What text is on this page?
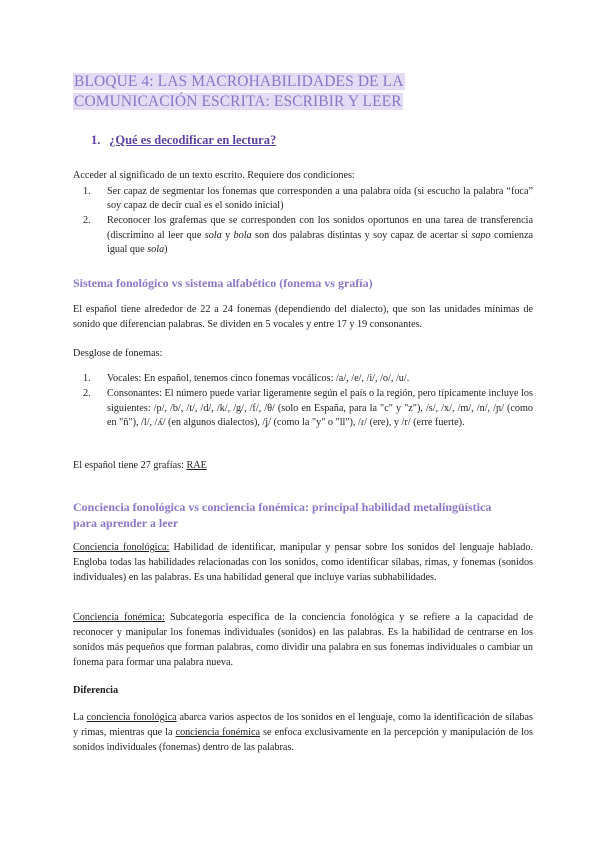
BLOQUE 4: LAS MACROHABILIDADES DE LA
COMUNICACIÓN ESCRITA: ESCRIBIR Y LEER
1. ¿Qué es decodificar en lectura?
Acceder al significado de un texto escrito. Requiere dos condiciones:
1. Ser capaz de segmentar los fonemas que corresponden a una palabra oída (si escucho la palabra “foca” soy capaz de decir cual es el sonido inicial)
2. Reconocer los grafemas que se corresponden con los sonidos oportunos en una tarea de transferencia (discrimino al leer que sola y bola son dos palabras distintas y soy capaz de acertar si sapo comienza igual que sola)
Sistema fonológico vs sistema alfabético (fonema vs grafía)
El español tiene alrededor de 22 a 24 fonemas (dependiendo del dialecto), que son las unidades mínimas de sonido que diferencian palabras. Se dividen en 5 vocales y entre 17 y 19 consonantes.
Desglose de fonemas:
1. Vocales: En español, tenemos cinco fonemas vocálicos: /a/, /e/, /i/, /o/, /u/.
2. Consonantes: El número puede variar ligeramente según el país o la región, pero típicamente incluye los siguientes: /p/, /b/, /t/, /d/, /k/, /g/, /f/, /θ/ (solo en España, para la "c" y "z"), /s/, /x/, /m/, /n/, /ɲ/ (como en "ñ"), /l/, /ʎ/ (en algunos dialectos), /ʝ/ (como la "y" o "ll"), /ɾ/ (ere), y /r/ (erre fuerte).
El español tiene 27 grafías: RAE
Conciencia fonológica vs conciencia fonémica: principal habilidad metalingüística
para aprender a leer
Conciencia fonológica: Habilidad de identificar, manipular y pensar sobre los sonidos del lenguaje hablado. Engloba todas las habilidades relacionadas con los sonidos, como identificar sílabas, rimas, y fonemas (sonidos individuales) en las palabras. Es una habilidad general que incluye varias subhabilidades.
Conciencia fonémica: Subcategoría específica de la conciencia fonológica y se refiere a la capacidad de reconocer y manipular los fonemas individuales (sonidos) en las palabras. Es la habilidad de centrarse en los sonidos más pequeños que forman palabras, como dividir una palabra en sus fonemas individuales o cambiar un fonema para formar una palabra nueva.
Diferencia
La conciencia fonológica abarca varios aspectos de los sonidos en el lenguaje, como la identificación de sílabas y rimas, mientras que la conciencia fonémica se enfoca exclusivamente en la percepción y manipulación de los sonidos individuales (fonemas) dentro de las palabras.
